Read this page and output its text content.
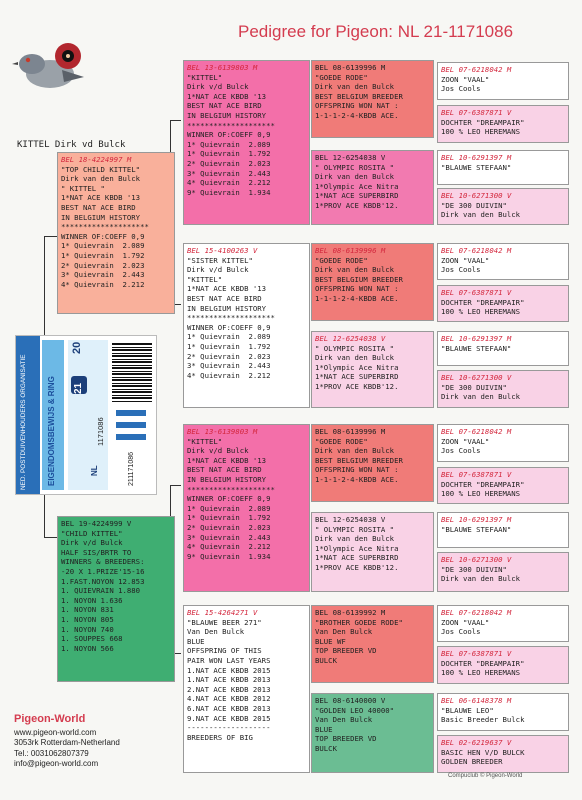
Pedigree for Pigeon: NL 21-1171086
KITTEL Dirk vd Bulck
BEL 18-4224997 M
"TOP CHILD KITTEL"
Dirk van den Bulck
" KITTEL "
1*NAT ACE KBDB '13
BEST NAT ACE BIRD
IN BELGIUM HISTORY
********************
WINNER OF:COEFF 0,9
1* Quievrain  2.089
1* Quievrain  1.792
2* Quievrain  2.023
3* Quievrain  2.443
4* Quievrain  2.212
BEL 19-4224999 V
"CHILD KITTEL"
Dirk v/d Bulck
HALF SIS/BRTR TO
WINNERS & BREEDERS:
-20 X 1.PRIZE'15-16
1.FAST.NOYON 12.853
1. QUIEVRAIN 1.880
1. NOYON 1.636
1. NOYON 831
1. NOYON 805
1. NOYON 740
1. SOUPPES 668
1. NOYON 566
BEL 13-6139803 M
"KITTEL"
Dirk v/d Bulck
1*NAT ACE KBDB '13
BEST NAT ACE BIRD
IN BELGIUM HISTORY
********************
WINNER OF:COEFF 0,9
1* Quievrain  2.089
1* Quievrain  1.792
2* Quievrain  2.023
3* Quievrain  2.443
4* Quievrain  2.212
9* Quievrain  1.934
BEL 15-4100263 V
"SISTER KITTEL"
Dirk v/d Bulck
"KITTEL"
1*NAT ACE KBDB '13
BEST NAT ACE BIRD
IN BELGIUM HISTORY
********************
WINNER OF:COEFF 0,9
1* Quievrain  2.089
1* Quievrain  1.792
2* Quievrain  2.023
3* Quievrain  2.443
4* Quievrain  2.212
BEL 13-6139803 M
"KITTEL"
Dirk v/d Bulck
1*NAT ACE KBDB '13
BEST NAT ACE BIRD
IN BELGIUM HISTORY
********************
WINNER OF:COEFF 0,9
1* Quievrain  2.089
1* Quievrain  1.792
2* Quievrain  2.023
3* Quievrain  2.443
4* Quievrain  2.212
9* Quievrain  1.934
BEL 15-4264271 V
"BLAUWE BEER 271"
Van Den Bulck
BLUE
OFFSPRING OF THIS
PAIR WON LAST YEARS
1.NAT ACE KBDB 2015
1.NAT ACE KBDB 2013
2.NAT ACE KBDB 2013
4.NAT ACE KBDB 2012
6.NAT ACE KBDB 2013
9.NAT ACE KBDB 2015
-------------------
BREEDERS OF BIG
BEL 08-6139996 M
"GOEDE RODE"
Dirk van den Bulck
BEST BELGIUM BREEDER
OFFSPRING WON NAT :
1-1-1-2-4-KBDB ACE.
BEL 12-6254038 V
" OLYMPIC ROSITA "
Dirk van den Bulck
1*Olympic Ace Nitra
1*NAT ACE SUPERBIRD
1*PROV ACE KBDB'12.
BEL 08-6139996 M
"GOEDE RODE"
Dirk van den Bulck
BEST BELGIUM BREEDER
OFFSPRING WON NAT :
1-1-1-2-4-KBDB ACE.
BEL 12-6254038 V
" OLYMPIC ROSITA "
Dirk van den Bulck
1*Olympic Ace Nitra
1*NAT ACE SUPERBIRD
1*PROV ACE KBDB'12.
BEL 08-6139996 M
"GOEDE RODE"
Dirk van den Bulck
BEST BELGIUM BREEDER
OFFSPRING WON NAT :
1-1-1-2-4-KBDB ACE.
BEL 12-6254038 V
" OLYMPIC ROSITA "
Dirk van den Bulck
1*Olympic Ace Nitra
1*NAT ACE SUPERBIRD
1*PROV ACE KBDB'12.
BEL 08-6139992 M
"BROTHER GOEDE RODE"
Van Den Bulck
BLUE WF
TOP BREEDER VD
BULCK
BEL 08-6140000 V
"GOLDEN LEO 40000"
Van Den Bulck
BLUE
TOP BREEDER VD
BULCK
BEL 07-6218042 M
ZOON "VAAL"
Jos Cools
BEL 07-6387871 V
DOCHTER "DREAMPAIR"
100 % LEO HEREMANS
BEL 10-6291397 M
"BLAUWE STEFAAN"
BEL 10-6271300 V
"DE 300 DUIVIN"
Dirk van den Bulck
BEL 07-6218042 M
ZOON "VAAL"
Jos Cools
BEL 07-6387871 V
DOCHTER "DREAMPAIR"
100 % LEO HEREMANS
BEL 10-6291397 M
"BLAUWE STEFAAN"
BEL 10-6271300 V
"DE 300 DUIVIN"
Dirk van den Bulck
BEL 07-6218042 M
ZOON "VAAL"
Jos Cools
BEL 07-6387871 V
DOCHTER "DREAMPAIR"
100 % LEO HEREMANS
BEL 10-6291397 M
"BLAUWE STEFAAN"
BEL 10-6271300 V
"DE 300 DUIVIN"
Dirk van den Bulck
BEL 07-6218042 M
ZOON "VAAL"
Jos Cools
BEL 07-6387871 V
DOCHTER "DREAMPAIR"
100 % LEO HEREMANS
BEL 06-6148378 M
"BLAUWE LEO"
Basic Breeder Bulck
BEL 02-6219637 V
BASIC HEN V/D BULCK
GOLDEN BREEDER
NED. POSTDUIVENHOUDERS ORGANISATIE	EIGENDOMSBEWIJS & RING
20
21
NL
1171086
211171086
Pigeon-World
www.pigeon-world.com
3053rk Rotterdam-Netherland
Tel.: 0031062807379
info@pigeon-world.com
Compuclub © Pigeon-World
